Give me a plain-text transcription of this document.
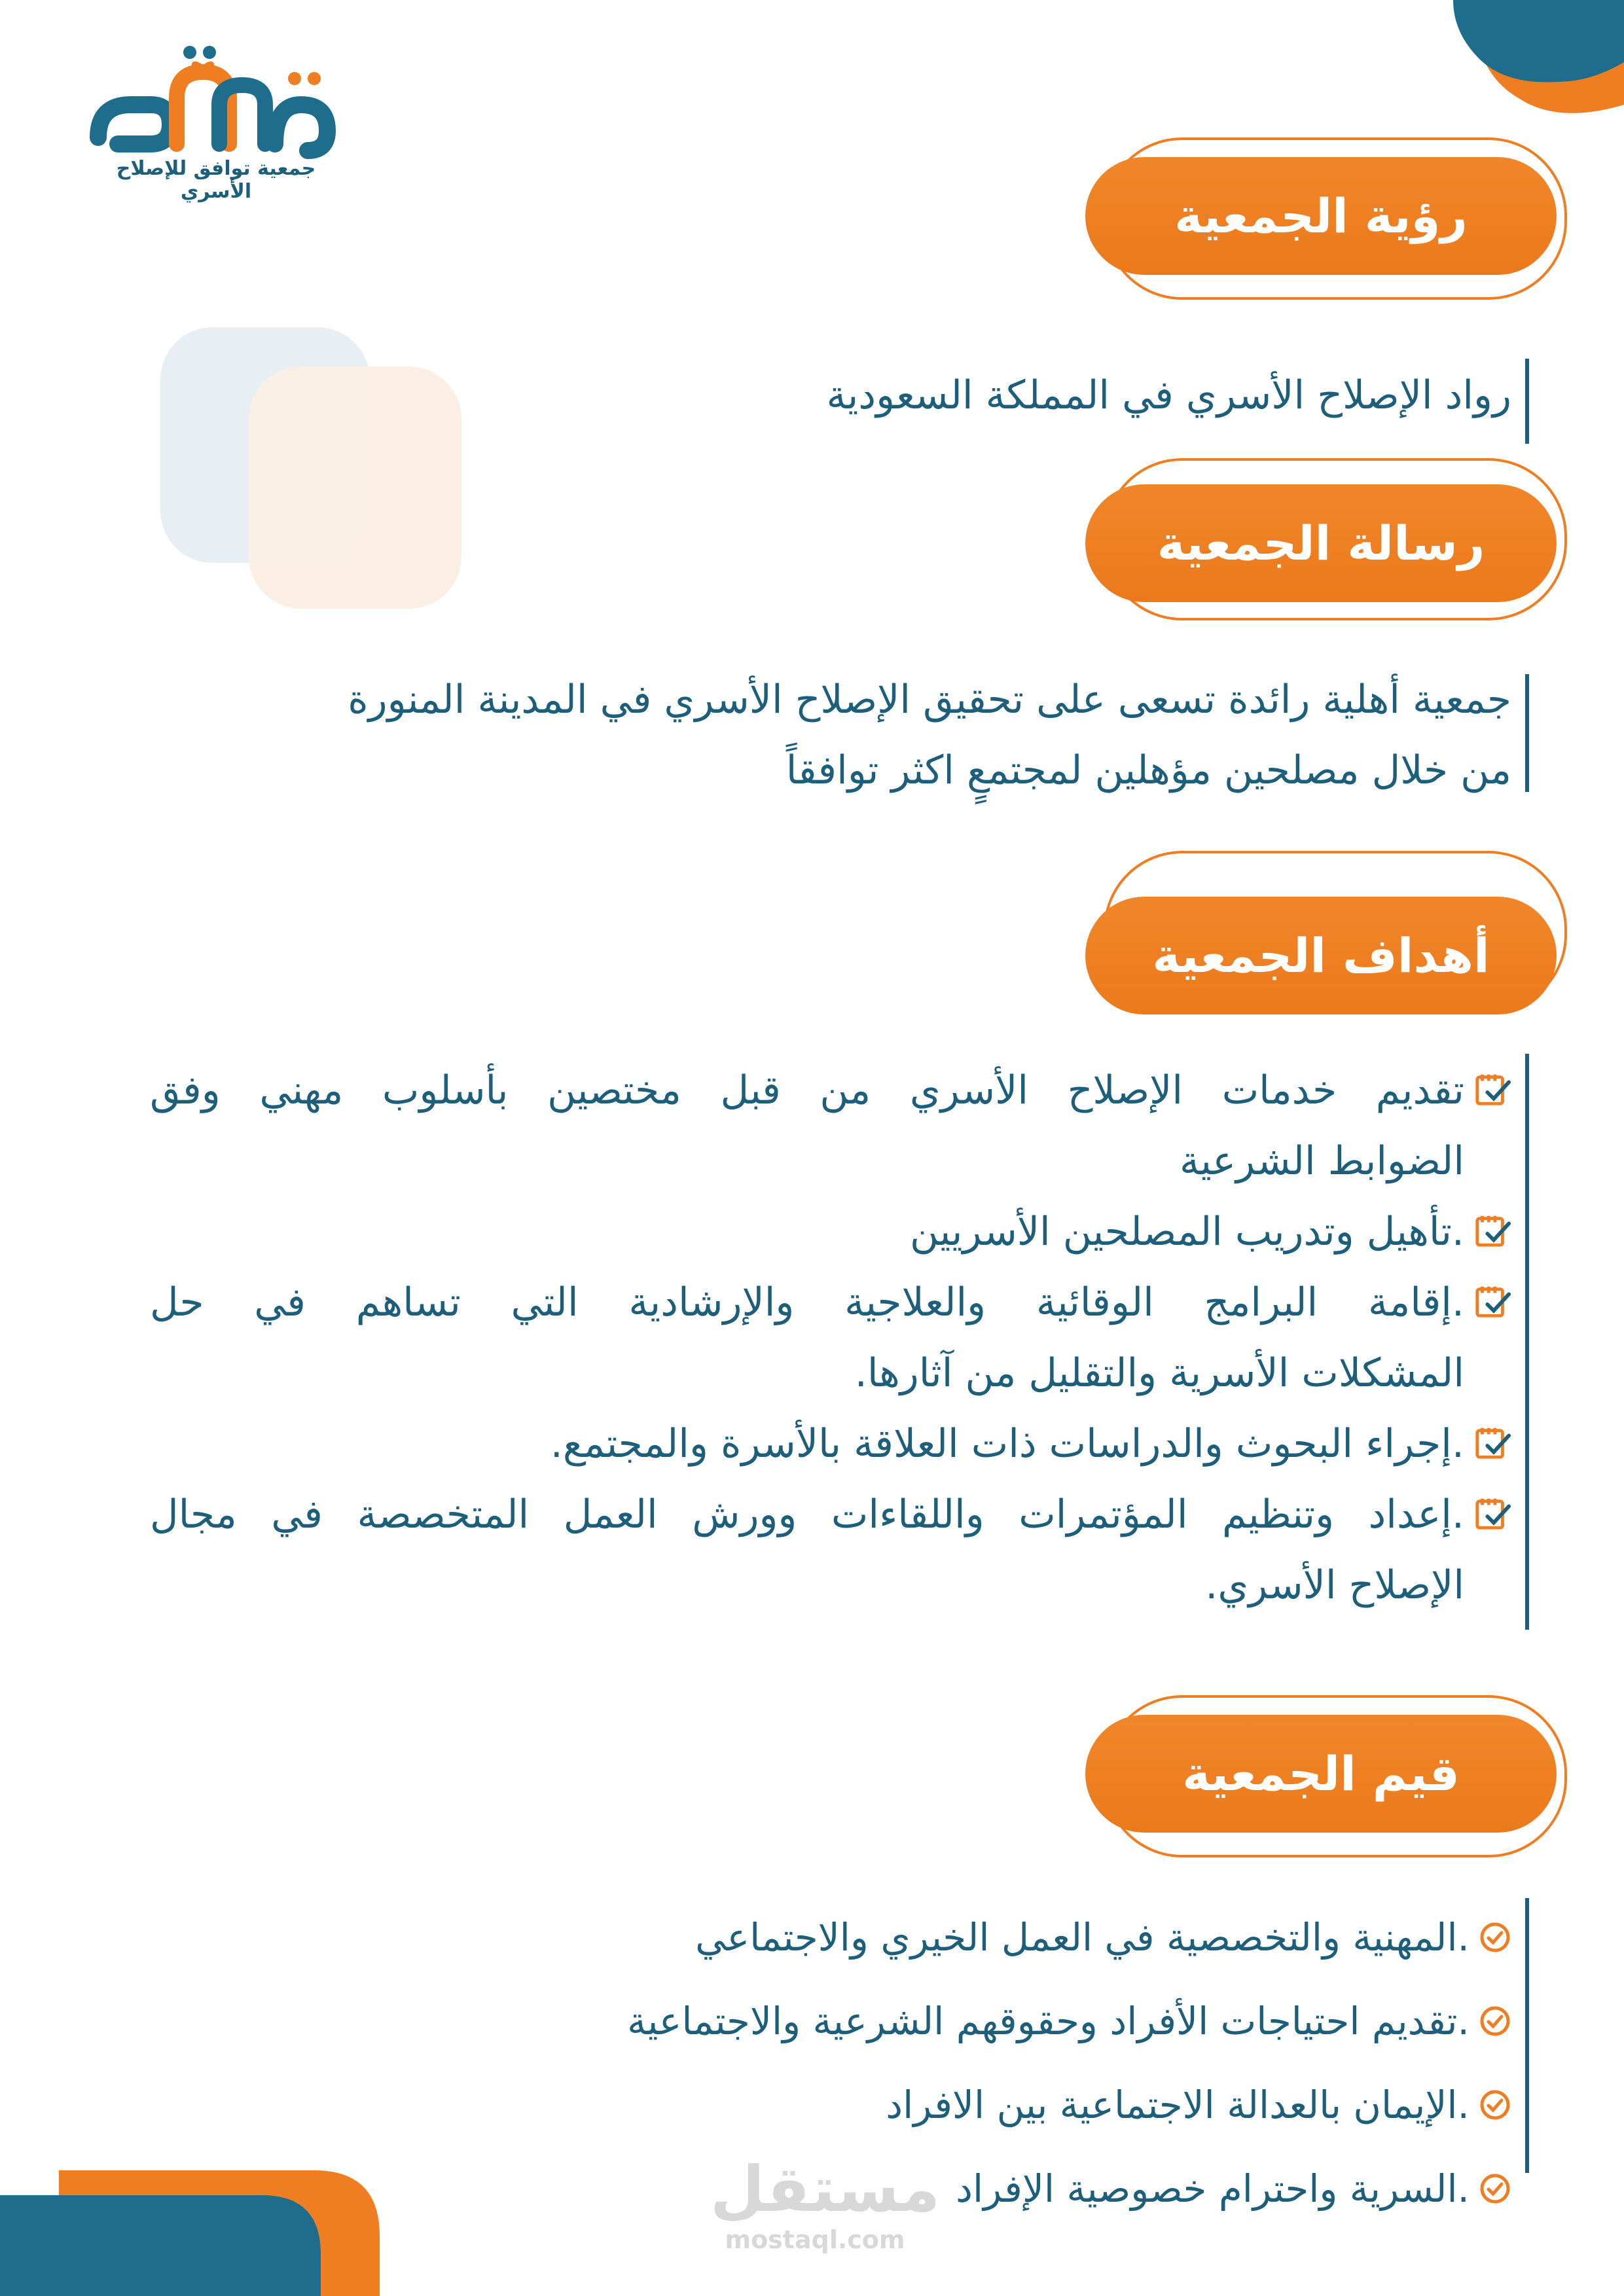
جمعية توافق للإصلاح الأسري	رؤية الجمعية
رواد الإصلاح الأسري في المملكة السعودية
رسالة الجمعية
جمعية أهلية رائدة تسعى على تحقيق الإصلاح الأسري في المدينة المنورة
من خلال مصلحين مؤهلين لمجتمعٍ اكثر توافقاً
أهداف الجمعية
تقديم خدمات الإصلاح الأسري من قبل مختصين بأسلوب مهني وفق
الضوابط الشرعية
.تأهيل وتدريب المصلحين الأسريين
.إقامة البرامج الوقائية والعلاجية والإرشادية التي تساهم في حل
المشكلات الأسرية والتقليل من آثارها.
.إجراء البحوث والدراسات ذات العلاقة بالأسرة والمجتمع.
.إعداد وتنظيم المؤتمرات واللقاءات وورش العمل المتخصصة في مجال
الإصلاح الأسري.
قيم الجمعية
.المهنية والتخصصية في العمل الخيري والاجتماعي
.تقديم احتياجات الأفراد وحقوقهم الشرعية والاجتماعية
.الإيمان بالعدالة الاجتماعية بين الافراد
.السرية واحترام خصوصية الإفراد
مستقل
mostaql.com
